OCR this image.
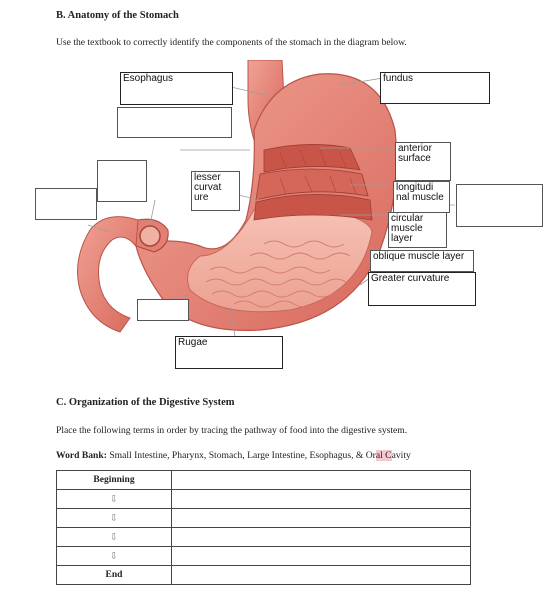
B. Anatomy of the Stomach
Use the textbook to correctly identify the components of the stomach in the diagram below.
Esophagus	fundus
anterior surface
lesser curvat ure
longitudi nal muscle
circular muscle layer
oblique muscle layer
Greater curvature
Rugae
C. Organization of the Digestive System
Place the following terms in order by tracing the pathway of food into the digestive system.
Word Bank: Small Intestine, Pharynx, Stomach, Large Intestine, Esophagus, & Oral Cavity
Beginning	
⇩	
⇩	
⇩	
⇩	
End	
